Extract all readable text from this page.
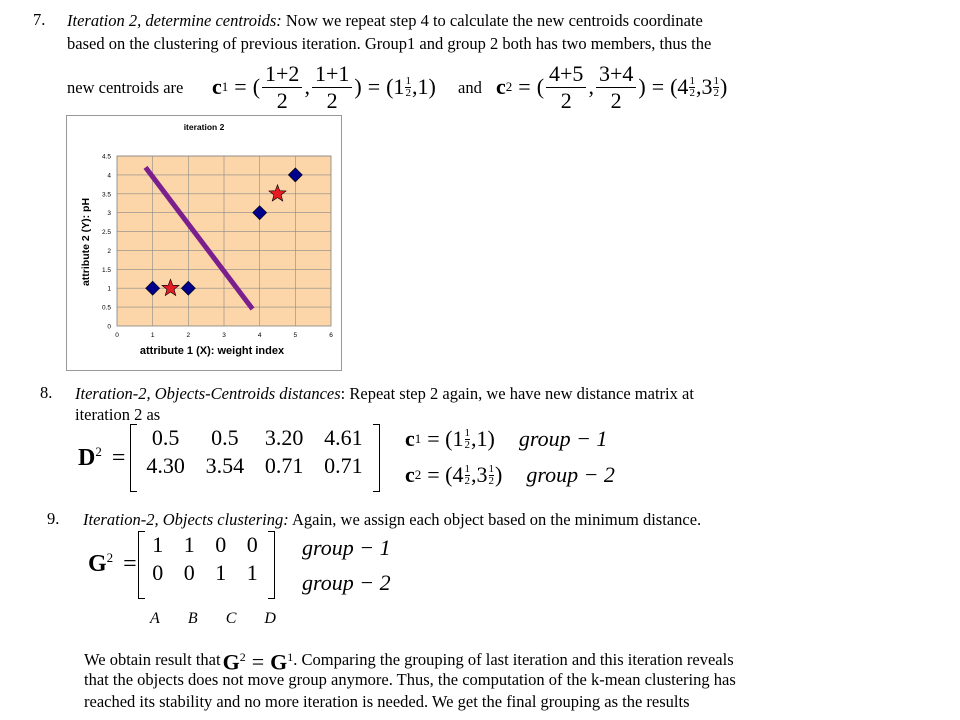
7. Iteration 2, determine centroids: Now we repeat step 4 to calculate the new centroids coordinate
based on the clustering of previous iteration. Group1 and group 2 both has two members, thus the
new centroids are c 1 = ( $\frac{1+2}{2}$ , $\frac{1+1}{2}$ ) = $(1 \frac{1}{2} ,1)$ and c 2 = ( $\frac{4+5}{2}$ , $\frac{3+4}{2}$ ) = ($4 \frac{1}{2} ,3 \frac{1}{2}$ )
iteration 2
0
0.5
1
1.5
2
2.5
3
3.5
4
4.5
0	1	2	3	4	5	6
attribute 1 (X): weight index
attribute 2 (Y): pH
8. Iteration-2, Objects-Centroids distances: Repeat step 2 again, we have new distance matrix at
iteration 2 as
$D^2$ =
0.5	0.5	3.20	4.61
4.30	3.54	0.71	0.71
c $1 = (1 \frac{1}{2} ,1)$ group − 1
c $2 = (4 \frac{1}{2} ,3 \frac{1}{2}$ ) group − 2
9. Iteration-2, Objects clustering: Again, we assign each object based on the minimum distance.
$G^2$ =
1	1	0	0
0	0	1	1
group − 1
group − 2
A B C D
We obtain result that $G^2 = G^1$ . Comparing the grouping of last iteration and this iteration reveals
that the objects does not move group anymore. Thus, the computation of the k-mean clustering has
reached its stability and no more iteration is needed. We get the final grouping as the results
